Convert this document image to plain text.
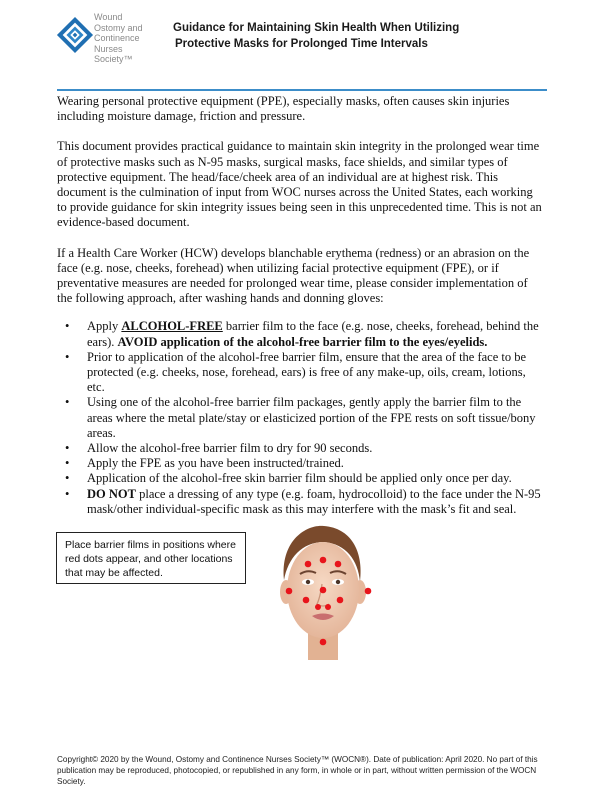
Wound
Ostomy and
Continence
Nurses
Society™
Guidance for Maintaining Skin Health When Utilizing
Protective Masks for Prolonged Time Intervals

Wearing personal protective equipment (PPE), especially masks, often causes skin injuries including moisture damage, friction and pressure.

This document provides practical guidance to maintain skin integrity in the prolonged wear time of protective masks such as N-95 masks, surgical masks, face shields, and similar types of protective equipment. The head/face/cheek area of an individual are at highest risk. This document is the culmination of input from WOC nurses across the United States, each working to provide guidance for skin integrity issues being seen in this unprecedented time. This is not an evidence-based document.

If a Health Care Worker (HCW) develops blanchable erythema (redness) or an abrasion on the face (e.g. nose, cheeks, forehead) when utilizing facial protective equipment (FPE), or if preventative measures are needed for prolonged wear time, please consider implementation of the following approach, after washing hands and donning gloves:

• Apply ALCOHOL-FREE barrier film to the face (e.g. nose, cheeks, forehead, behind the ears). AVOID application of the alcohol-free barrier film to the eyes/eyelids.
• Prior to application of the alcohol-free barrier film, ensure that the area of the face to be protected (e.g. cheeks, nose, forehead, ears) is free of any make-up, oils, cream, lotions, etc.
• Using one of the alcohol-free barrier film packages, gently apply the barrier film to the areas where the metal plate/stay or elasticized portion of the FPE rests on soft tissue/bony areas.
• Allow the alcohol-free barrier film to dry for 90 seconds.
• Apply the FPE as you have been instructed/trained.
• Application of the alcohol-free skin barrier film should be applied only once per day.
• DO NOT place a dressing of any type (e.g. foam, hydrocolloid) to the face under the N-95 mask/other individual-specific mask as this may interfere with the mask’s fit and seal.
Place barrier films in positions where red dots appear, and other locations that may be affected.
Copyright© 2020 by the Wound, Ostomy and Continence Nurses Society™ (WOCN®). Date of publication: April 2020. No part of this publication may be reproduced, photocopied, or republished in any form, in whole or in part, without written permission of the WOCN Society.
